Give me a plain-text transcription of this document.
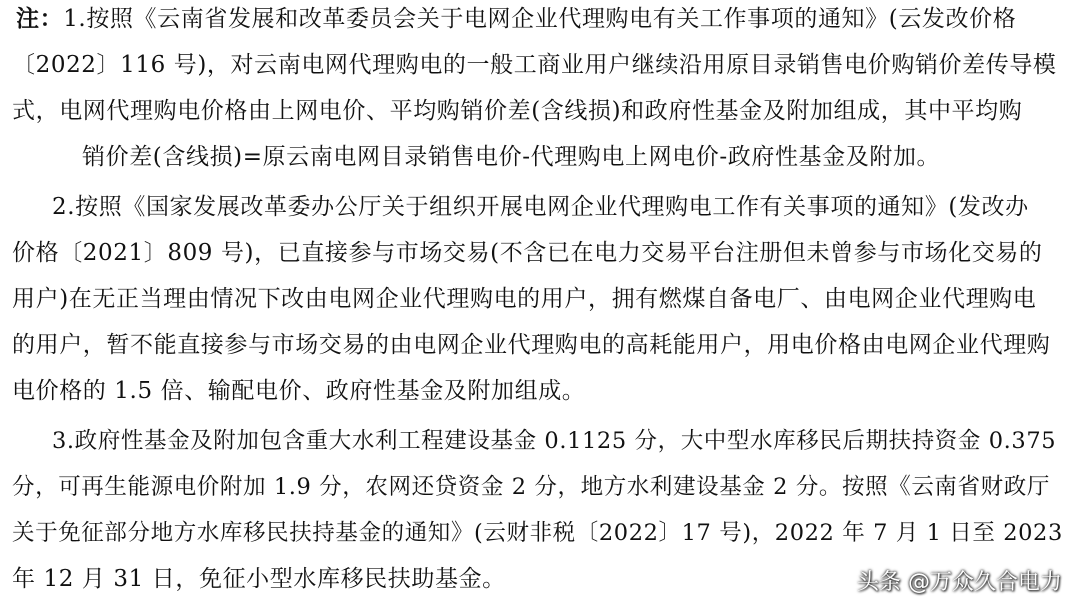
注：1.按照《云南省发展和改革委员会关于电网企业代理购电有关工作事项的通知》(云发改价格
〔2022〕116 号)，对云南电网代理购电的一般工商业用户继续沿用原目录销售电价购销价差传导模
式，电网代理购电价格由上网电价、平均购销价差(含线损)和政府性基金及附加组成，其中平均购
销价差(含线损)=原云南电网目录销售电价-代理购电上网电价-政府性基金及附加。
2.按照《国家发展改革委办公厅关于组织开展电网企业代理购电工作有关事项的通知》(发改办
价格〔2021〕809 号)，已直接参与市场交易(不含已在电力交易平台注册但未曾参与市场化交易的
用户)在无正当理由情况下改由电网企业代理购电的用户，拥有燃煤自备电厂、由电网企业代理购电
的用户，暂不能直接参与市场交易的由电网企业代理购电的高耗能用户，用电价格由电网企业代理购
电价格的 1.5 倍、输配电价、政府性基金及附加组成。
3.政府性基金及附加包含重大水利工程建设基金 0.1125 分，大中型水库移民后期扶持资金 0.375
分，可再生能源电价附加 1.9 分，农网还贷资金 2 分，地方水利建设基金 2 分。按照《云南省财政厅
关于免征部分地方水库移民扶持基金的通知》(云财非税〔2022〕17 号)，2022 年 7 月 1 日至 2023
年 12 月 31 日，免征小型水库移民扶助基金。	头条 @万众久合电力
